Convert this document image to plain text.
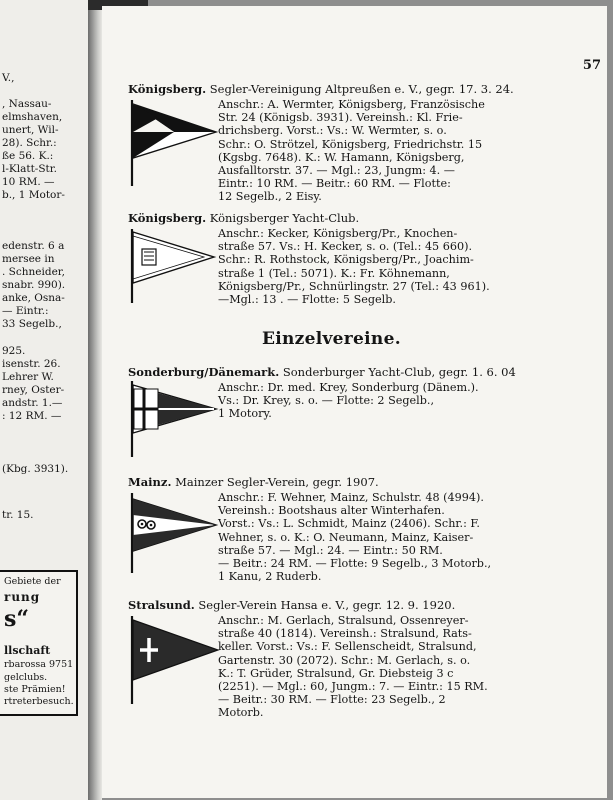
V.,
, Nassau-
elmshaven,
unert, Wil-
28). Schr.:
ße 56. K.:
l-Klatt-Str.
10 RM. —
b., 1 Motor-
edenstr. 6 a
mersee in
. Schneider,
snabr. 990).
anke, Osna-
— Eintr.:
33 Segelb.,
925.
isenstr. 26.
Lehrer W.
rney, Oster-
andstr. 1.—
: 12 RM. —
(Kbg. 3931).
tr. 15.
Gebiete der
rung
s“
llschaft
rbarossa 9751
gelclubs.
ste Prämien!
rtreterbesuch.
57
Königsberg. Segler-Vereinigung Altpreußen e. V., gegr. 17. 3. 24.

Anschr.: A. Wermter, Königsberg, Französische

Str. 24 (Königsb. 3931). Vereinsh.: Kl. Frie-

drichsberg. Vorst.: Vs.: W. Wermter, s. o.

Schr.: O. Strötzel, Königsberg, Friedrichstr. 15

(Kgsbg. 7648). K.: W. Hamann, Königsberg,

Ausfalltorstr. 37. — Mgl.: 23, Jungm: 4. —

Eintr.: 10 RM. — Beitr.: 60 RM. — Flotte:

12 Segelb., 2 Eisy.

Königsberg. Königsberger Yacht-Club.

Anschr.: Kecker, Königsberg/Pr., Knochen-

straße 57. Vs.: H. Kecker, s. o. (Tel.: 45 660).

Schr.: R. Rothstock, Königsberg/Pr., Joachim-

straße 1 (Tel.: 5071). K.: Fr. Köhnemann,

Königsberg/Pr., Schnürlingstr. 27 (Tel.: 43 961).

—Mgl.: 13 . — Flotte: 5 Segelb.

Einzelvereine.
Sonderburg/Dänemark. Sonderburger Yacht-Club, gegr. 1. 6. 04

Anschr.: Dr. med. Krey, Sonderburg (Dänem.).

Vs.: Dr. Krey, s. o. — Flotte: 2 Segelb.,

1 Motory.

Mainz. Mainzer Segler-Verein, gegr. 1907.

Anschr.: F. Wehner, Mainz, Schulstr. 48 (4994).

Vereinsh.: Bootshaus alter Winterhafen.

Vorst.: Vs.: L. Schmidt, Mainz (2406). Schr.: F.

Wehner, s. o. K.: O. Neumann, Mainz, Kaiser-

straße 57. — Mgl.: 24. — Eintr.: 50 RM.

— Beitr.: 24 RM. — Flotte: 9 Segelb., 3 Motorb.,

1 Kanu, 2 Ruderb.

Stralsund. Segler-Verein Hansa e. V., gegr. 12. 9. 1920.

Anschr.: M. Gerlach, Stralsund, Ossenreyer-

straße 40 (1814). Vereinsh.: Stralsund, Rats-

keller. Vorst.: Vs.: F. Sellenscheidt, Stralsund,

Gartenstr. 30 (2072). Schr.: M. Gerlach, s. o.

K.: T. Grüder, Stralsund, Gr. Diebsteig 3 c

(2251). — Mgl.: 60, Jungm.: 7. — Eintr.: 15 RM.

— Beitr.: 30 RM. — Flotte: 23 Segelb., 2

Motorb.
